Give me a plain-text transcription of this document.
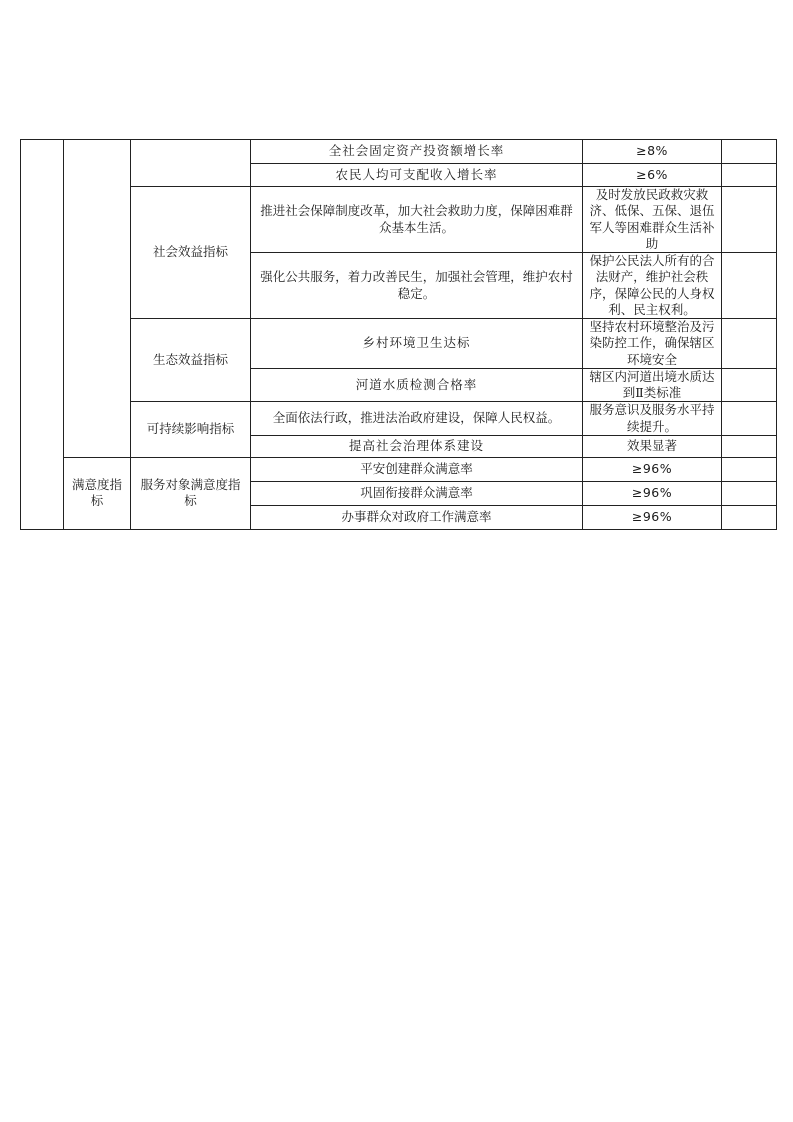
			全社会固定资产投资额增长率	≥8%	
			农民人均可支配收入增长率	≥6%	
		社会效益指标	推进社会保障制度改革，加大社会救助力度，保障困难群众基本生活。	及时发放民政救灾救济、低保、五保、退伍军人等困难群众生活补助	
			强化公共服务，着力改善民生，加强社会管理，维护农村稳定。	保护公民法人所有的合法财产，维护社会秩序，保障公民的人身权利、民主权利。	
		生态效益指标	乡村环境卫生达标	坚持农村环境整治及污染防控工作，确保辖区环境安全	
			河道水质检测合格率	辖区内河道出境水质达到Ⅱ类标准	
		可持续影响指标	全面依法行政，推进法治政府建设，保障人民权益。	服务意识及服务水平持续提升。	
			提高社会治理体系建设	效果显著	
	满意度指标	服务对象满意度指标	平安创建群众满意率	≥96%	
			巩固衔接群众满意率	≥96%	
			办事群众对政府工作满意率	≥96%	
